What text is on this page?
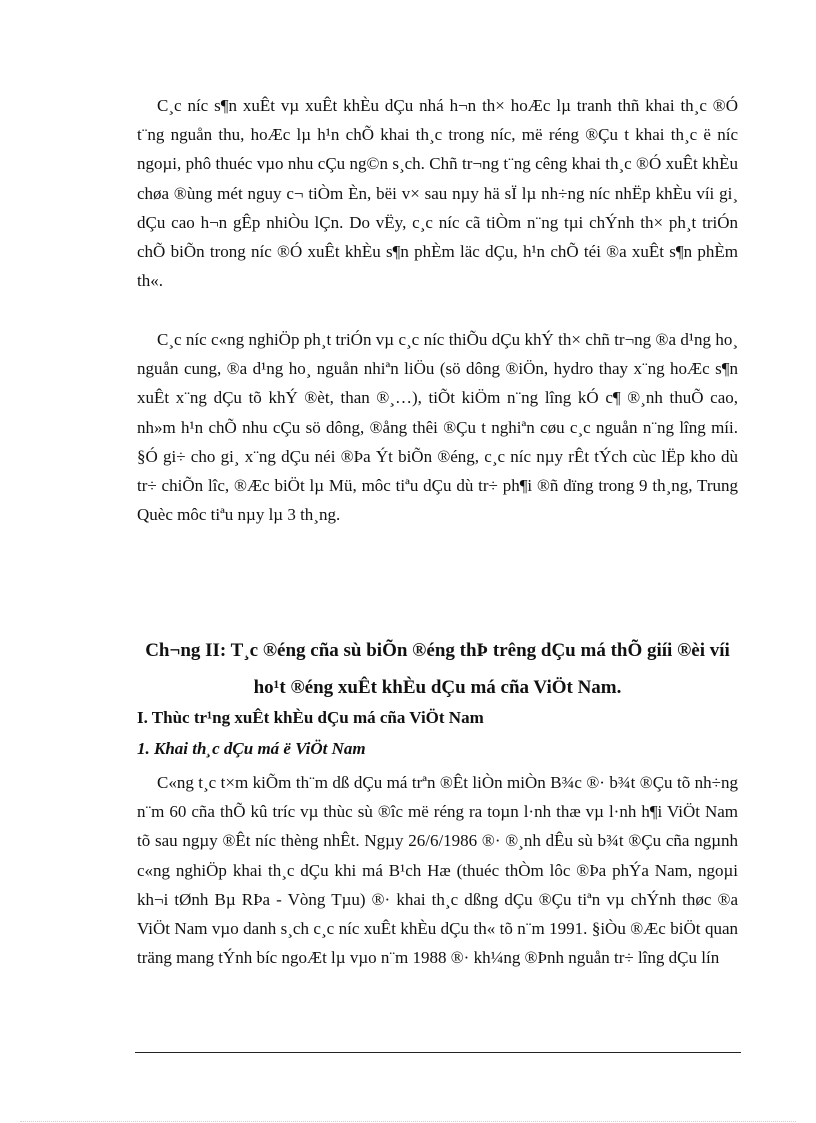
C¸c níc s¶n xuÊt vµ xuÊt khÈu dÇu nhá h¬n th× hoÆc lµ tranh thñ khai th¸c ®Ó t¨ng nguån thu, hoÆc lµ h¹n chÕ khai th¸c trong níc, më réng ®Çu t khai th¸c ë níc ngoµi, phô thuéc vµo nhu cÇu ng©n s¸ch. Chñ tr¬ng t¨ng cêng khai th¸c ®Ó xuÊt khÈu chøa ®ùng mét nguy c¬ tiÒm Èn, bëi v× sau nµy hä sÏ lµ nh÷ng níc nhËp khÈu víi gi¸ dÇu cao h¬n gÊp nhiÒu lÇn. Do vËy, c¸c níc cã tiÒm n¨ng tµi chÝnh th× ph¸t triÓn chÕ biÕn trong níc ®Ó xuÊt khÈu s¶n phÈm läc dÇu, h¹n chÕ téi ®a xuÊt s¶n phÈm th«.

C¸c níc c«ng nghiÖp ph¸t triÓn vµ c¸c níc thiÕu dÇu khÝ th× chñ tr¬ng ®a d¹ng ho¸ nguån cung, ®a d¹ng ho¸ nguån nhiªn liÖu (sö dông ®iÖn, hydro thay x¨ng hoÆc s¶n xuÊt x¨ng dÇu tõ khÝ ®èt, than ®¸…), tiÕt kiÖm n¨ng lîng kÓ c¶ ®¸nh thuÕ cao, nh»m h¹n chÕ nhu cÇu sö dông, ®ång thêi ®Çu t nghiªn cøu c¸c nguån n¨ng lîng míi. §Ó gi÷ cho gi¸ x¨ng dÇu néi ®Þa Ýt biÕn ®éng, c¸c níc nµy rÊt tÝch cùc lËp kho dù tr÷ chiÕn lîc, ®Æc biÖt lµ Mü, môc tiªu dÇu dù tr÷ ph¶i ®ñ dïng trong 9 th¸ng, Trung Quèc môc tiªu nµy lµ 3 th¸ng.

Ch¬ng II: T¸c ®éng cña sù biÕn ®éng thÞ trêng dÇu má thÕ giíi ®èi víi ho¹t ®éng xuÊt khÈu dÇu má cña ViÖt Nam.
I. Thùc tr¹ng xuÊt khÈu dÇu má cña ViÖt Nam
1. Khai th¸c dÇu má ë ViÖt Nam

C«ng t¸c t×m kiÕm th¨m dß dÇu má trªn ®Êt liÒn miÒn B¾c ®· b¾t ®Çu tõ nh÷ng n¨m 60 cña thÕ kû tríc vµ thùc sù ®îc më réng ra toµn l·nh thæ vµ l·nh h¶i ViÖt Nam tõ sau ngµy ®Êt níc thèng nhÊt. Ngµy 26/6/1986 ®· ®¸nh dÊu sù b¾t ®Çu cña ngµnh c«ng nghiÖp khai th¸c dÇu khi má B¹ch Hæ (thuéc thÒm lôc ®Þa phÝa Nam, ngoµi kh¬i tØnh Bµ RÞa - Vòng Tµu) ®· khai th¸c dßng dÇu ®Çu tiªn vµ chÝnh thøc ®a ViÖt Nam vµo danh s¸ch c¸c níc xuÊt khÈu dÇu th« tõ n¨m 1991. §iÒu ®Æc biÖt quan träng mang tÝnh bíc ngoÆt lµ vµo n¨m 1988 ®· kh¼ng ®Þnh nguån tr÷ lîng dÇu lín
